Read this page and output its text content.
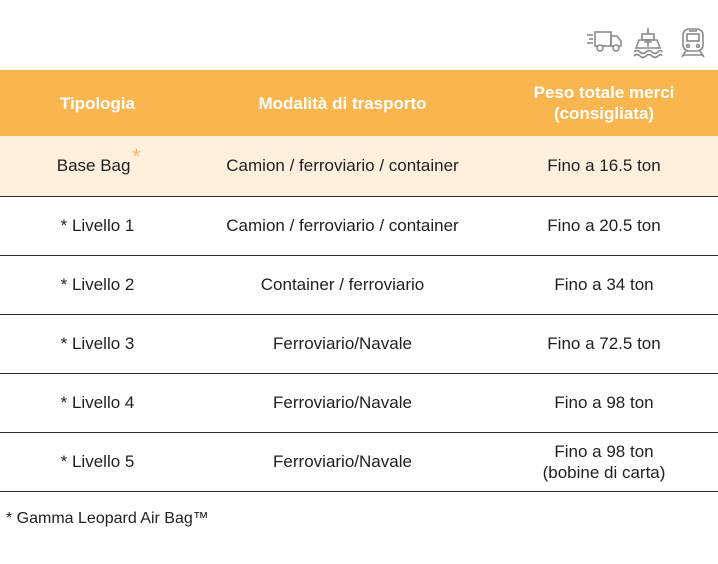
Tipologia	Modalità di trasporto	Peso totale merci (consigliata)
Base Bag *	Camion / ferroviario / container	Fino a 16.5 ton
* Livello 1	Camion / ferroviario / container	Fino a 20.5 ton
* Livello 2	Container / ferroviario	Fino a 34 ton
* Livello 3	Ferroviario/Navale	Fino a 72.5 ton
* Livello 4	Ferroviario/Navale	Fino a 98 ton
* Livello 5	Ferroviario/Navale	Fino a 98 ton
(bobine di carta)
* Gamma Leopard Air Bag™
